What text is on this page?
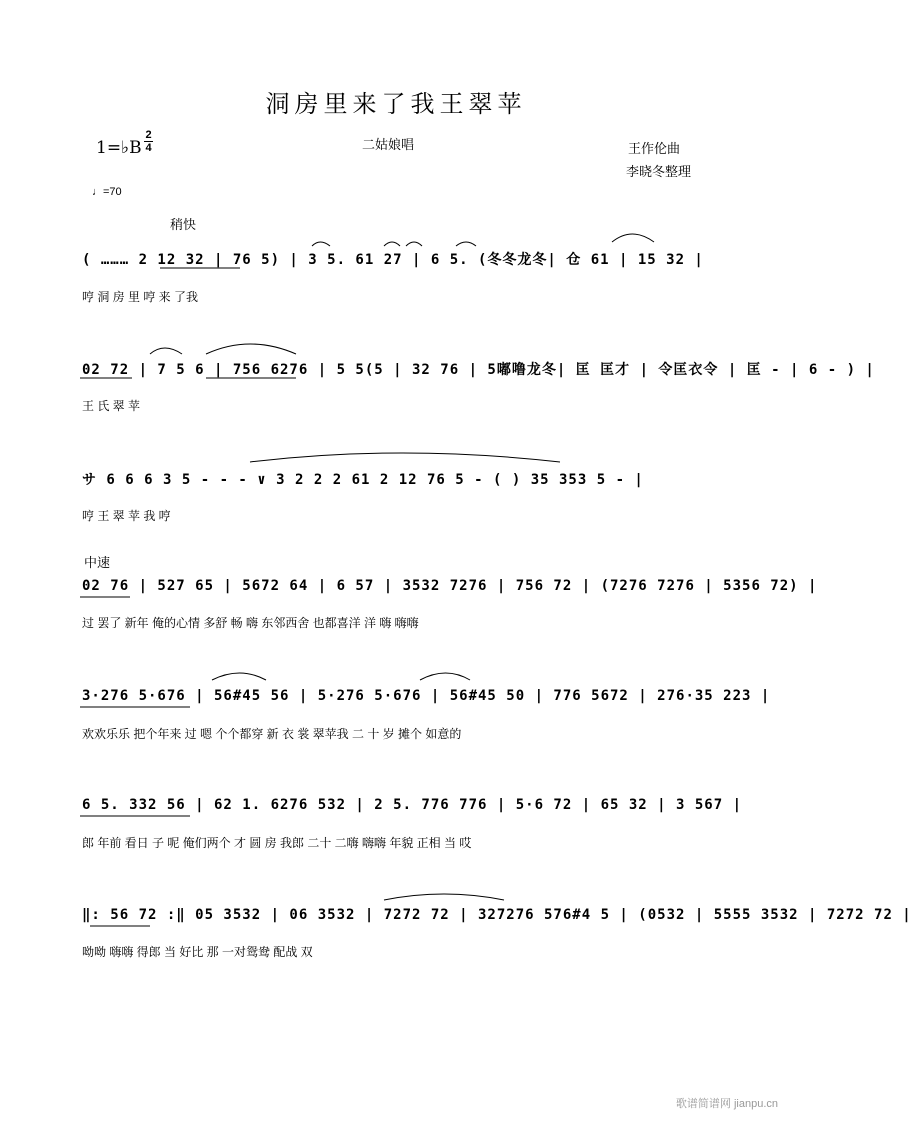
洞房里来了我王翠苹
1=♭B
2
4	二姑娘唱	王作伦曲
李晓冬整理
♩=70
稍快
中速
( ……… 2 12 32 | 76 5) | 3 5. 61 27 | 6 5. (冬冬龙冬| 仓 61 | 15 32 |
哼 洞 房 里 哼 来 了我
02 72 | 7 5 6 | 756 6276 | 5 5(5 | 32 76 | 5嘟噜龙冬| 匡 匡才 | 令匡衣令 | 匡 - | 6 - ) |
王 氏 翠 苹
サ 6 6 6 3 5 - - - ∨ 3 2 2 2 61 2 12 76 5 - ( ) 35 353 5 - |
哼 王 翠 苹 我 哼
02 76 | 527 65 | 5672 64 | 6 57 | 3532 7276 | 756 72 | (7276 7276 | 5356 72) |
过 罢了 新年 俺的心情 多舒 畅 嗨 东邻西舍 也都喜洋 洋 嗨 嗨嗨
3·276 5·676 | 56#45 56 | 5·276 5·676 | 56#45 50 | 776 5672 | 276·35 223 |
欢欢乐乐 把个年来 过 嗯 个个都穿 新 衣 裳 翠苹我 二 十 岁 摊个 如意的
6 5. 332 56 | 62 1. 6276 532 | 2 5. 776 776 | 5·6 72 | 65 32 | 3 567 |
郎 年前 看日 子 呢 俺们两个 才 圆 房 我郎 二十 二嗨 嗨嗨 年貌 正相 当 哎
‖: 56 72 :‖ 05 3532 | 06 3532 | 7272 72 | 327276 576#4 5 | (0532 | 5555 3532 | 7272 72 |
呦呦 嗨嗨 得郎 当 好比 那 一对鸳鸯 配战 双
歌谱简谱网 jianpu.cn
